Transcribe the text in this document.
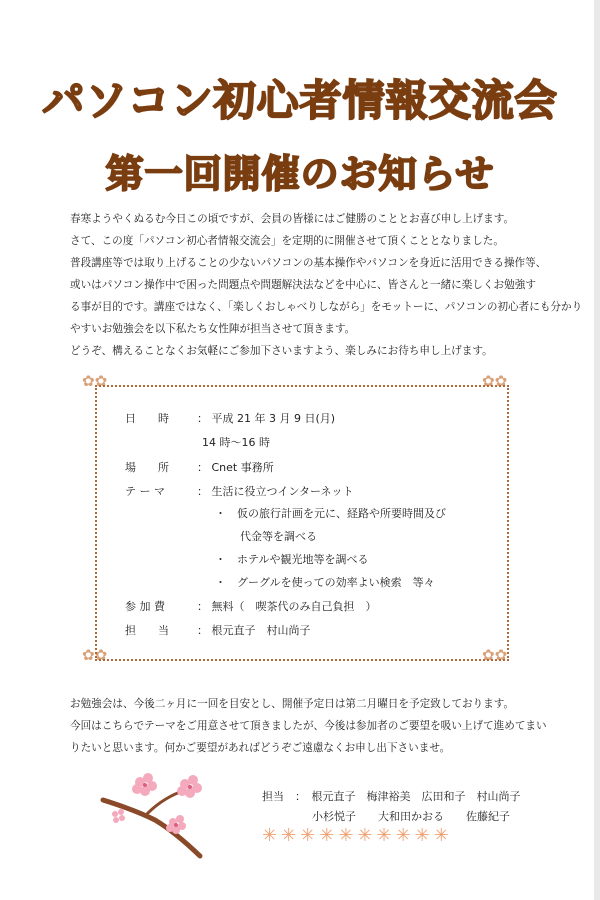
パソコン初心者情報交流会
第一回開催のお知らせ

春寒ようやくぬるむ今日この頃ですが、会員の皆様にはご健勝のこととお喜び申し上げます。

さて、この度「パソコン初心者情報交流会」を定期的に開催させて頂くこととなりました。

普段講座等では取り上げることの少ないパソコンの基本操作やパソコンを身近に活用できる操作等、

或いはパソコン操作中で困った問題点や問題解決法などを中心に、皆さんと一緒に楽しくお勉強す

る事が目的です。講座ではなく、「楽しくおしゃべりしながら」をモットーに、パソコンの初心者にも分かり

やすいお勉強会を以下私たち女性陣が担当させて頂きます。

どうぞ、構えることなくお気軽にご参加下さいますよう、楽しみにお待ち申し上げます。

✿✿	✿✿
✿✿	✿✿
日　　時	： 平成 21 年 3 月 9 日(月)
14 時～16 時
場　　所	： Cnet 事務所
テ ー マ	： 生活に役立つインターネット
・　仮の旅行計画を元に、経路や所要時間及び
代金等を調べる
・　ホテルや観光地等を調べる
・　グーグルを使っての効率よい検索　等々
参 加 費	： 無料（　喫茶代のみ自己負担　）
担　　当	： 根元直子　村山尚子

お勉強会は、今後二ヶ月に一回を目安とし、開催予定日は第二月曜日を予定致しております。

今回はこちらでテーマをご用意させて頂きましたが、今後は参加者のご要望を吸い上げて進めてまい

りたいと思います。何かご要望があればどうぞご遠慮なくお申し出下さいませ。

担当　：　根元直子　梅津裕美　広田和子　村山尚子
小杉悦子　　大和田かおる　　佐藤紀子
✳✳✳✳✳✳✳✳✳✳
